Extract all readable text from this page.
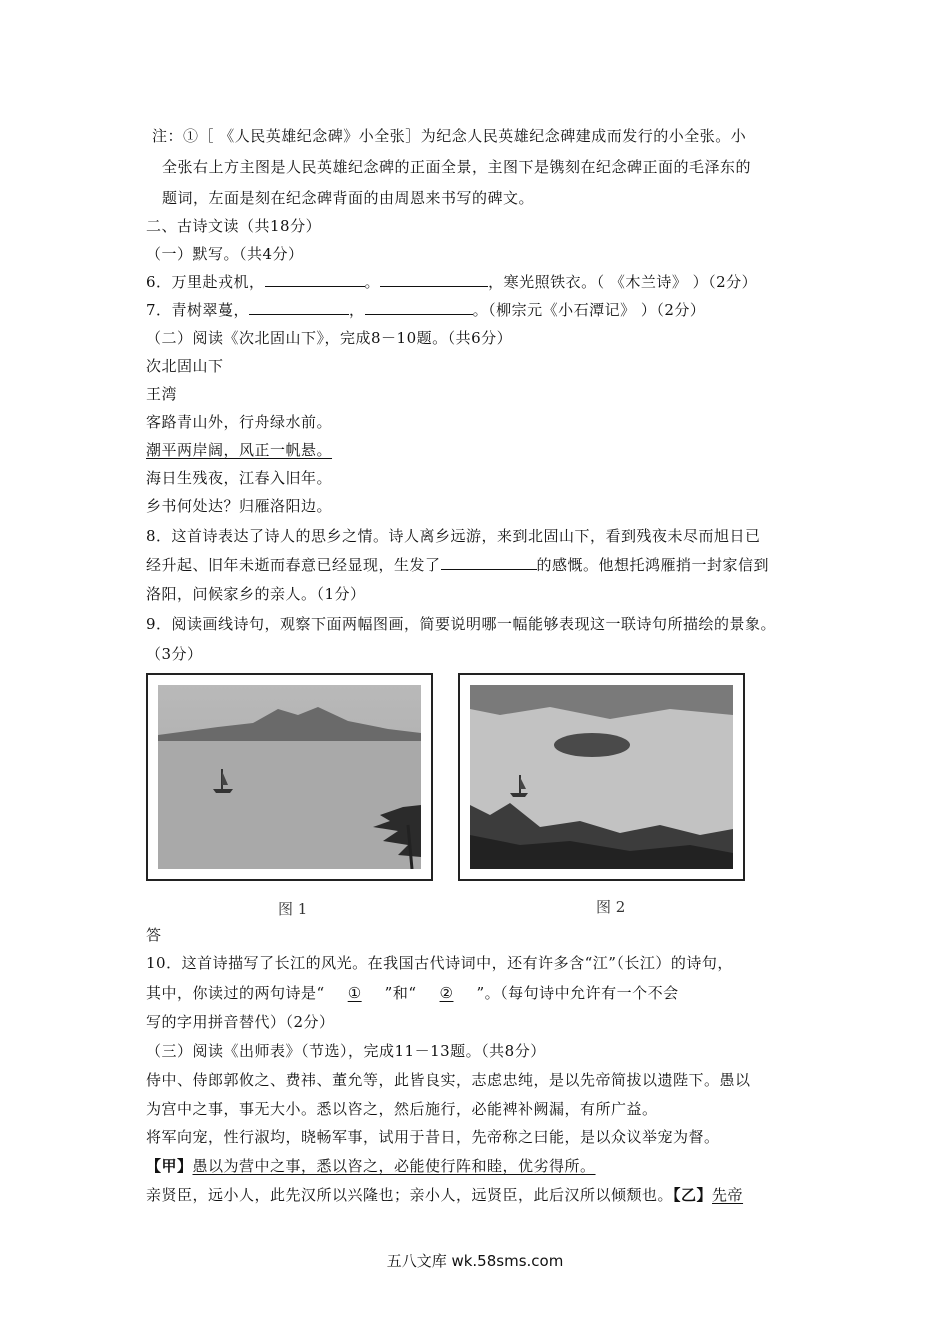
注：①［ 《人民英雄纪念碑》小全张］为纪念人民英雄纪念碑建成而发行的小全张。小
全张右上方主图是人民英雄纪念碑的正面全景，主图下是镌刻在纪念碑正面的毛泽东的
题词，左面是刻在纪念碑背面的由周恩来书写的碑文。
二、古诗文读（共18分）
（一）默写。（共4分）
6．万里赴戎机，	。	，寒光照铁衣。（ 《木兰诗》 ）（2分）
7．青树翠蔓，	，	。（柳宗元《小石潭记》 ）（2分）
（二）阅读《次北固山下》，完成8－10题。（共6分）
次北固山下
王湾
客路青山外，行舟绿水前。
潮平两岸阔，风正一帆悬。
海日生残夜，江春入旧年。
乡书何处达？归雁洛阳边。
8．这首诗表达了诗人的思乡之情。诗人离乡远游，来到北固山下，看到残夜未尽而旭日已
经升起、旧年未逝而春意已经显现，生发了	的感慨。他想托鸿雁捎一封家信到
洛阳，问候家乡的亲人。（1分）
9．阅读画线诗句，观察下面两幅图画，简要说明哪一幅能够表现这一联诗句所描绘的景象。
（3分）
图 1	图 2
答
10．这首诗描写了长江的风光。在我国古代诗词中，还有许多含“江”（长江）的诗句，
其中，你读过的两句诗是“ ① ”和“ ② ”。（每句诗中允许有一个不会
写的字用拼音替代）（2分）
（三）阅读《出师表》（节选），完成11－13题。（共8分）
侍中、侍郎郭攸之、费祎、董允等，此皆良实，志虑忠纯，是以先帝简拔以遗陛下。愚以
为宫中之事，事无大小。悉以咨之，然后施行，必能裨补阙漏，有所广益。
将军向宠，性行淑均，晓畅军事，试用于昔日，先帝称之曰能，是以众议举宠为督。
【甲】愚以为营中之事，悉以咨之，必能使行阵和睦，优劣得所。
亲贤臣，远小人，此先汉所以兴隆也；亲小人，远贤臣，此后汉所以倾颓也。【乙】先帝
五八文库 wk.58sms.com
